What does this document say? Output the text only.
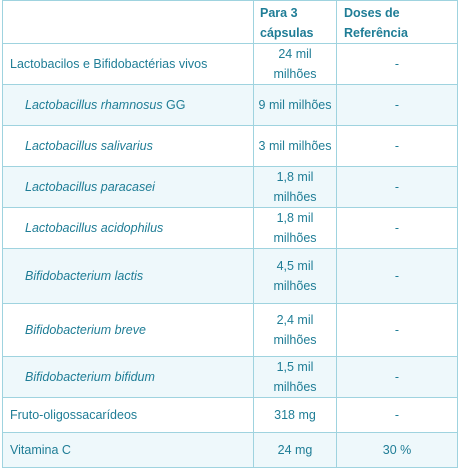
	Para 3 cápsulas	Doses de Referência
Lactobacilos e Bifidobactérias vivos	24 mil milhões	-
Lactobacillus rhamnosus GG	9 mil milhões	-
Lactobacillus salivarius	3 mil milhões	-
Lactobacillus paracasei	1,8 mil milhões	-
Lactobacillus acidophilus	1,8 mil milhões	-
Bifidobacterium lactis	4,5 mil milhões	-
Bifidobacterium breve	2,4 mil milhões	-
Bifidobacterium bifidum	1,5 mil milhões	-
Fruto-oligossacarídeos	318 mg	-
Vitamina C	24 mg	30 %
